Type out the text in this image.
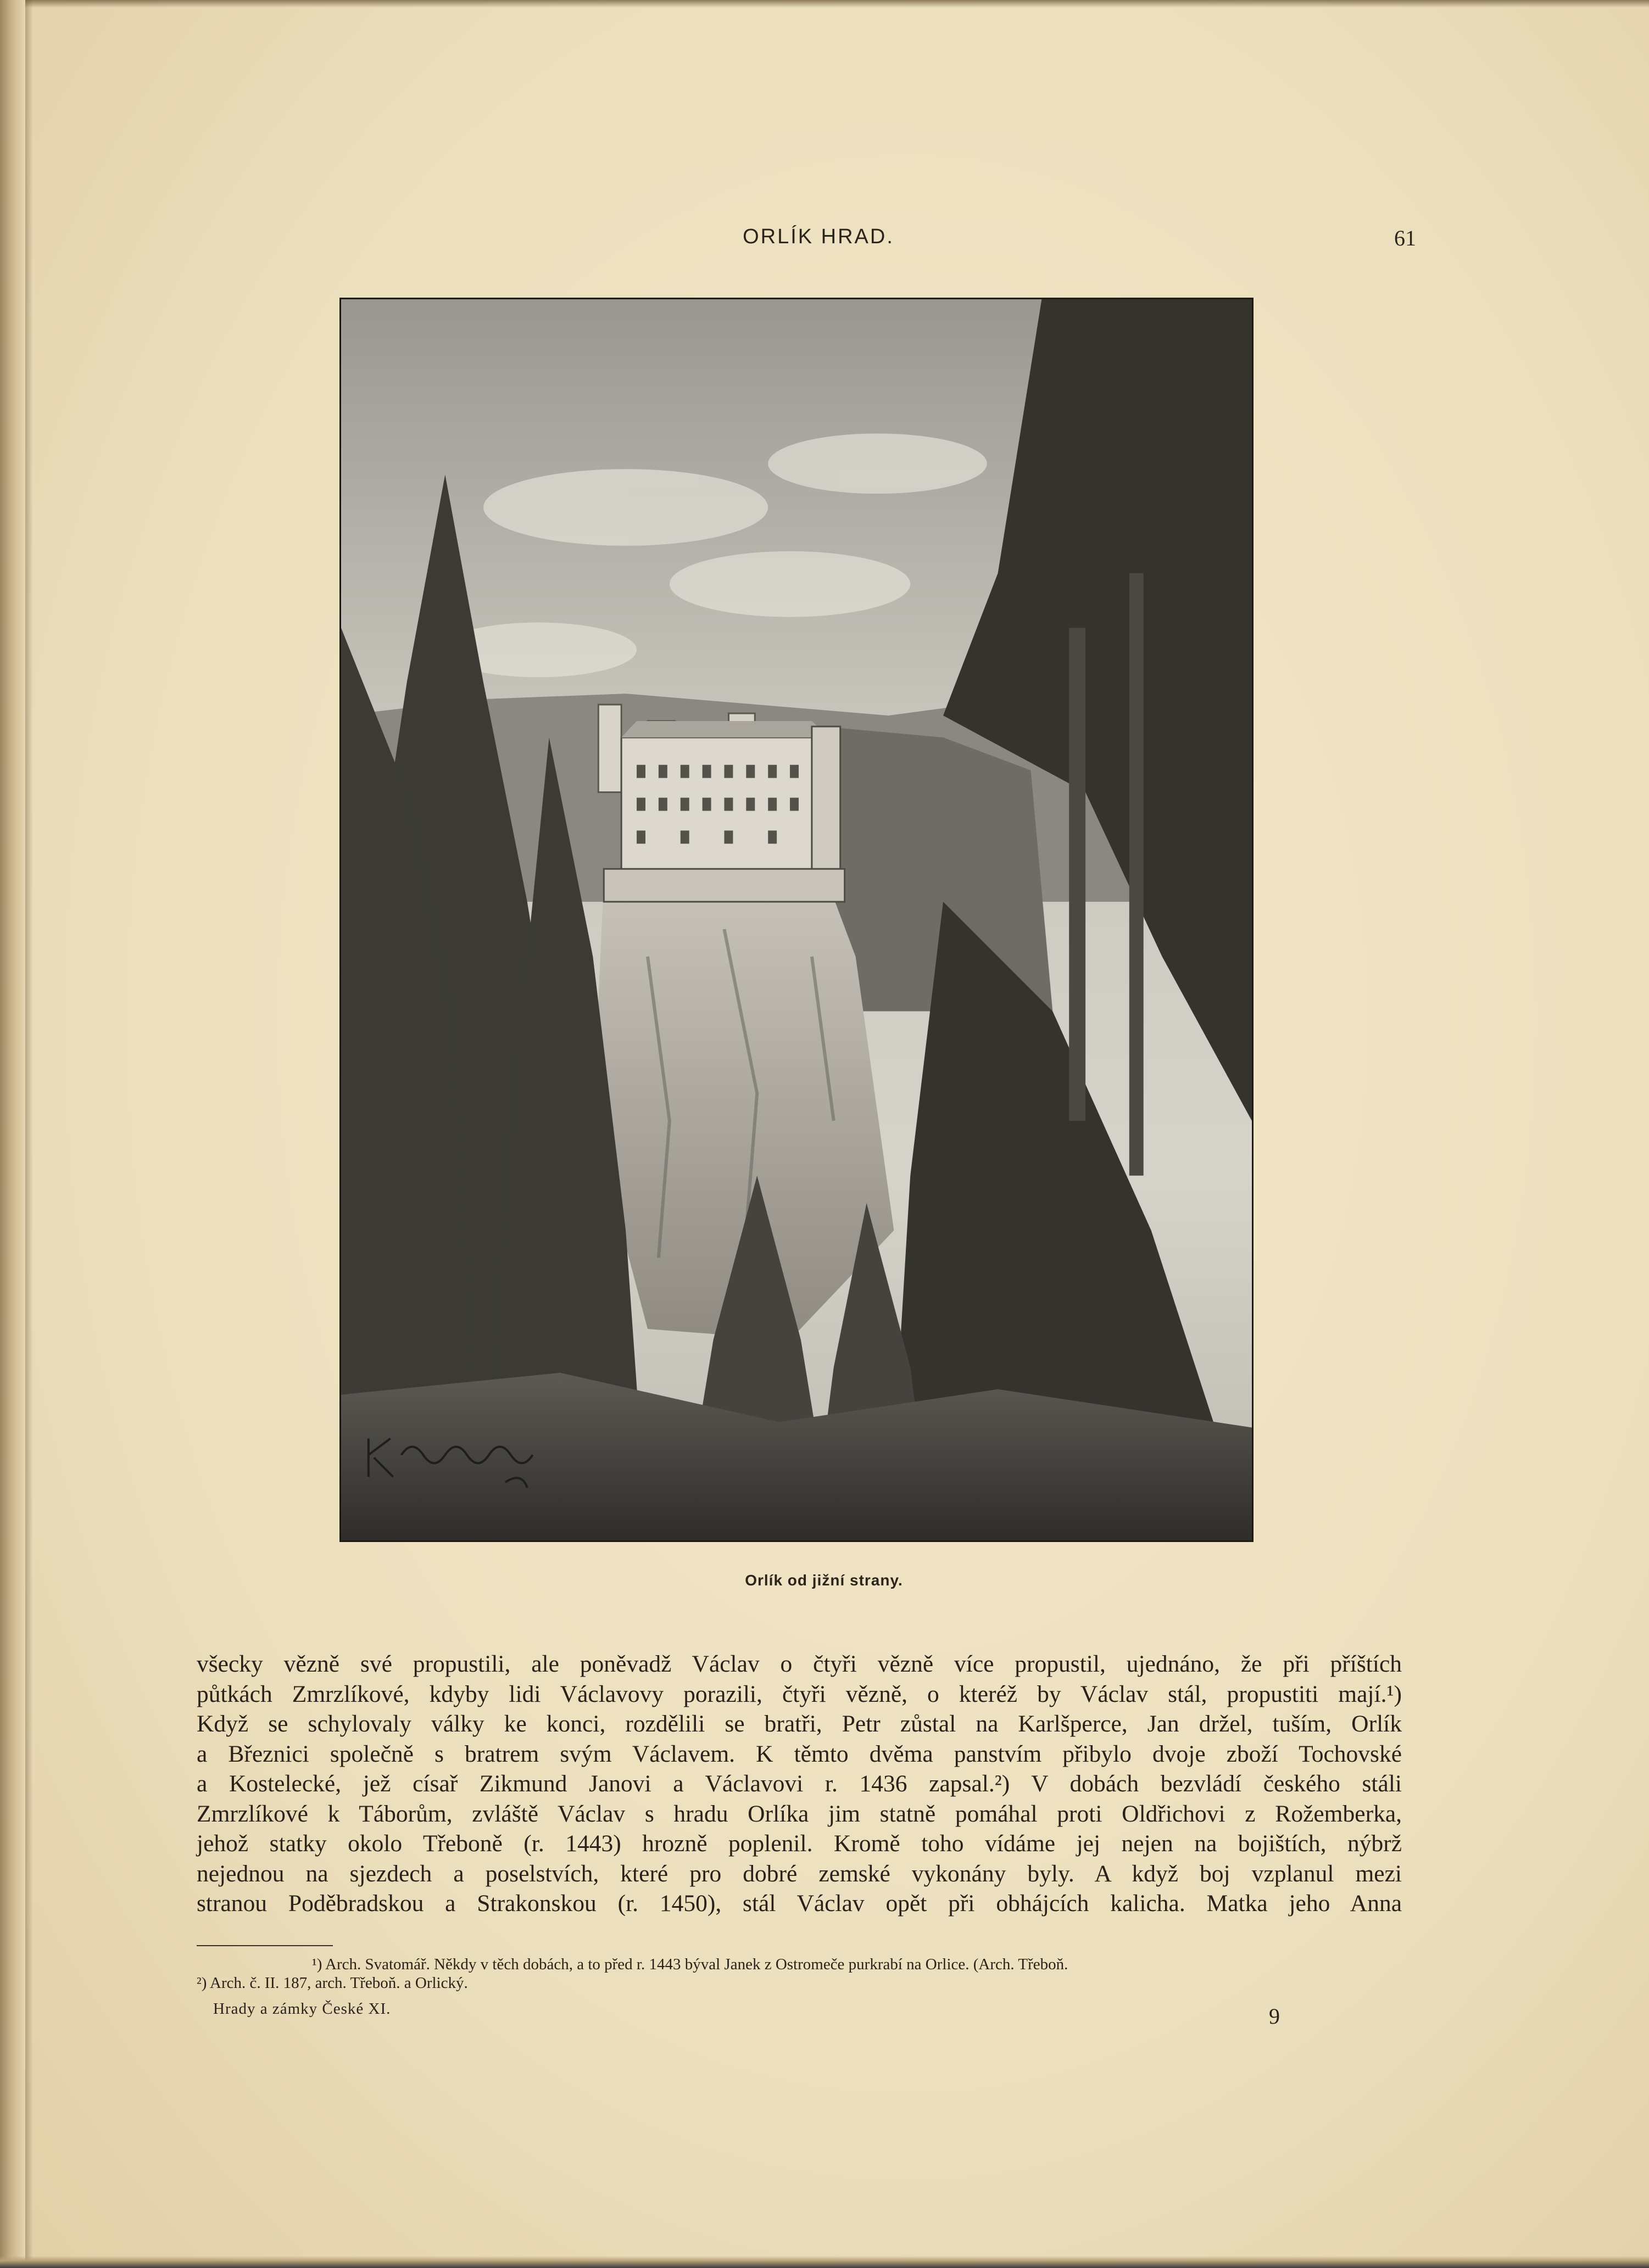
ORLÍK HRAD.	61
Orlík od jižní strany.
všecky vězně své propustili, ale poněvadž Václav o čtyři vězně více propustil, ujednáno, že při příštích
půtkách Zmrzlíkové, kdyby lidi Václavovy porazili, čtyři vězně, o kteréž by Václav stál, propustiti mají.¹)
Když se schylovaly války ke konci, rozdělili se bratři, Petr zůstal na Karlšperce, Jan držel, tuším, Orlík
a Březnici společně s bratrem svým Václavem. K těmto dvěma panstvím přibylo dvoje zboží Tochovské
a Kostelecké, jež císař Zikmund Janovi a Václavovi r. 1436 zapsal.²) V dobách bezvládí českého stáli
Zmrzlíkové k Táborům, zvláště Václav s hradu Orlíka jim statně pomáhal proti Oldřichovi z Rožemberka,
jehož statky okolo Třeboně (r. 1443) hrozně poplenil. Kromě toho vídáme jej nejen na bojištích, nýbrž
nejednou na sjezdech a poselstvích, které pro dobré zemské vykonány byly. A když boj vzplanul mezi
stranou Poděbradskou a Strakonskou (r. 1450), stál Václav opět při obhájcích kalicha. Matka jeho Anna
¹) Arch. Svatomář. Někdy v těch dobách, a to před r. 1443 býval Janek z Ostromeče purkrabí na Orlice. (Arch. Třeboň.
²) Arch. č. II. 187, arch. Třeboň. a Orlický.
Hrady a zámky České XI.	9
